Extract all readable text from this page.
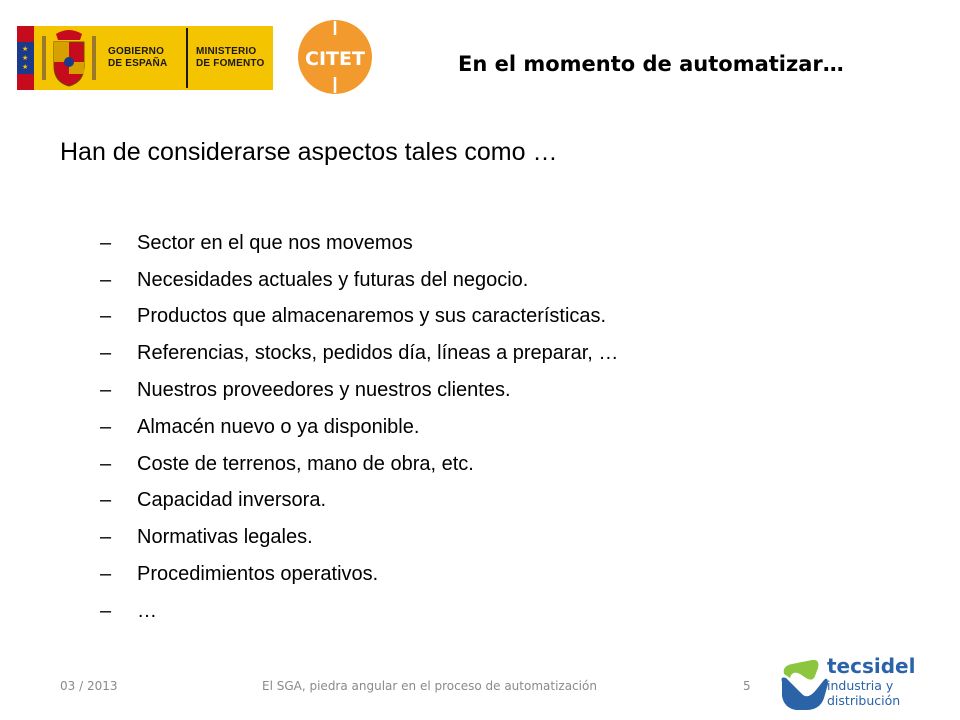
★
★
★
GOBIERNO
DE ESPAÑA
MINISTERIO
DE FOMENTO CITET	En el momento de automatizar…
Han de considerarse aspectos tales como …
–	Sector en el que nos movemos
–	Necesidades actuales y futuras del negocio.
–	Productos que almacenaremos y sus características.
–	Referencias, stocks, pedidos día, líneas a preparar, …
–	Nuestros proveedores y nuestros clientes.
–	Almacén nuevo o ya disponible.
–	Coste de terrenos, mano de obra, etc.
–	Capacidad inversora.
–	Normativas legales.
–	Procedimientos operativos.
–	…
03 / 2013	El SGA, piedra angular en el proceso de automatización	5
tecsidel
industria y
distribución
